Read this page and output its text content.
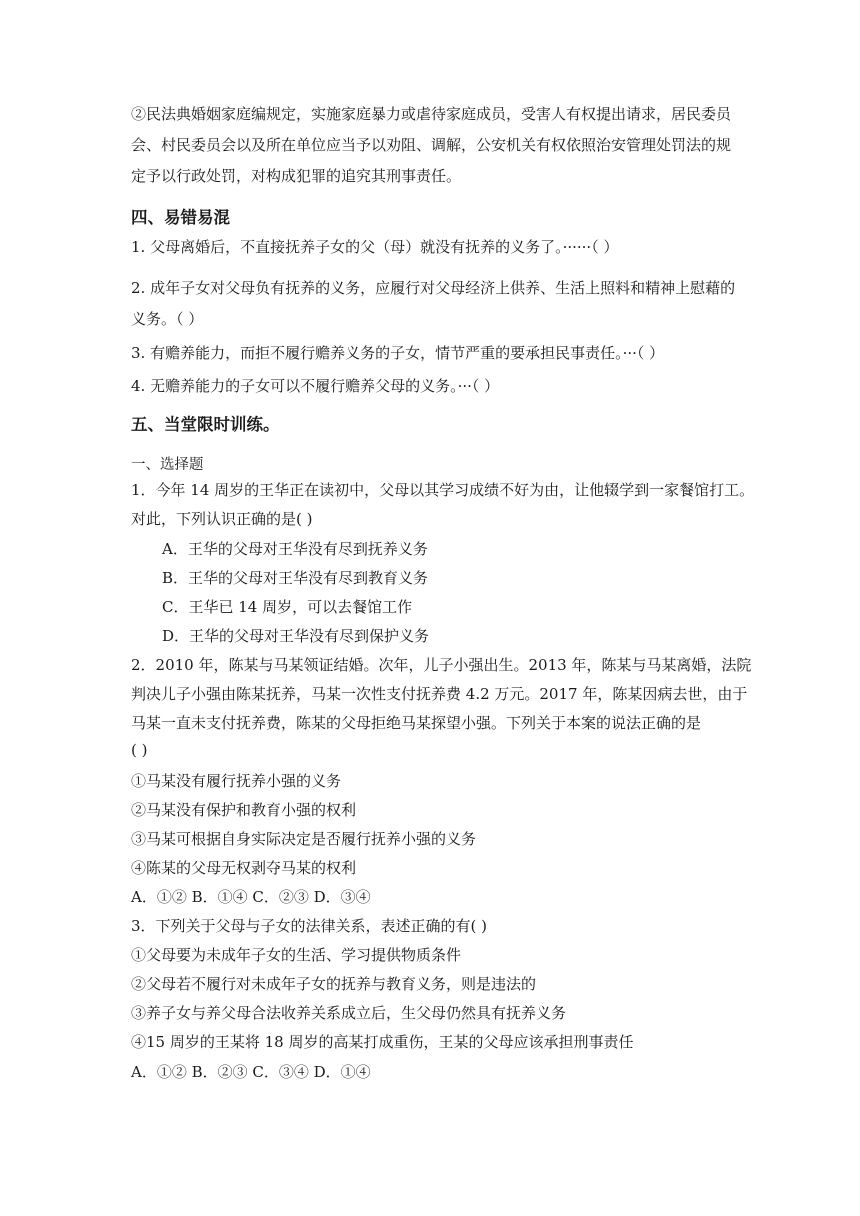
②民法典婚姻家庭编规定，实施家庭暴力或虐待家庭成员，受害人有权提出请求，居民委员
会、村民委员会以及所在单位应当予以劝阻、调解，公安机关有权依照治安管理处罚法的规
定予以行政处罚，对构成犯罪的追究其刑事责任。
四、易错易混
1. 父母离婚后，不直接抚养子女的父（母）就没有抚养的义务了。······（ ）
2. 成年子女对父母负有抚养的义务，应履行对父母经济上供养、生活上照料和精神上慰藉的
义务。（ ）
3. 有赡养能力，而拒不履行赡养义务的子女，情节严重的要承担民事责任。···（ ）
4. 无赡养能力的子女可以不履行赡养父母的义务。···（ ）
五、当堂限时训练。
一、选择题
1．今年 14 周岁的王华正在读初中，父母以其学习成绩不好为由，让他辍学到一家餐馆打工。
对此，下列认识正确的是( )
A．王华的父母对王华没有尽到抚养义务
B．王华的父母对王华没有尽到教育义务
C．王华已 14 周岁，可以去餐馆工作
D．王华的父母对王华没有尽到保护义务
2．2010 年，陈某与马某领证结婚。次年，儿子小强出生。2013 年，陈某与马某离婚，法院
判决儿子小强由陈某抚养，马某一次性支付抚养费 4.2 万元。2017 年，陈某因病去世，由于
马某一直未支付抚养费，陈某的父母拒绝马某探望小强。下列关于本案的说法正确的是
( )
①马某没有履行抚养小强的义务
②马某没有保护和教育小强的权利
③马某可根据自身实际决定是否履行抚养小强的义务
④陈某的父母无权剥夺马某的权利
A．①② B．①④ C．②③ D．③④
3．下列关于父母与子女的法律关系，表述正确的有( )
①父母要为未成年子女的生活、学习提供物质条件
②父母若不履行对未成年子女的抚养与教育义务，则是违法的
③养子女与养父母合法收养关系成立后，生父母仍然具有抚养义务
④15 周岁的王某将 18 周岁的高某打成重伤，王某的父母应该承担刑事责任
A．①② B．②③ C．③④ D．①④
